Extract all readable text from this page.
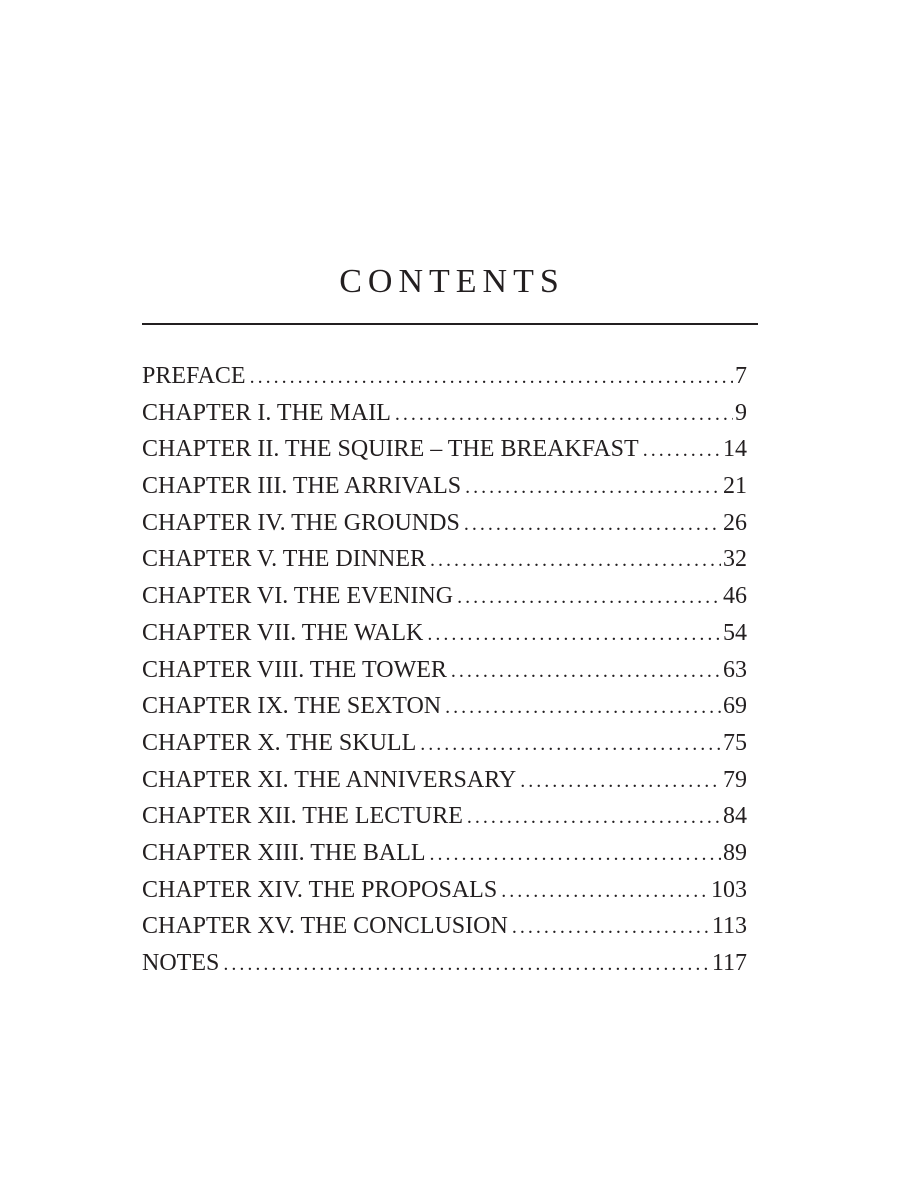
CONTENTS
PREFACE . . .	7
CHAPTER I. THE MAIL . . .	9
CHAPTER II. THE SQUIRE – THE BREAKFAST . . .	14
CHAPTER III. THE ARRIVALS . . .	21
CHAPTER IV. THE GROUNDS . . .	26
CHAPTER V. THE DINNER . . .	32
CHAPTER VI. THE EVENING . . .	46
CHAPTER VII. THE WALK . . .	54
CHAPTER VIII. THE TOWER . . .	63
CHAPTER IX. THE SEXTON . . .	69
CHAPTER X. THE SKULL . . .	75
CHAPTER XI. THE ANNIVERSARY . . .	79
CHAPTER XII. THE LECTURE . . .	84
CHAPTER XIII. THE BALL . . .	89
CHAPTER XIV. THE PROPOSALS . . .	103
CHAPTER XV. THE CONCLUSION . . .	113
NOTES . . .	117
